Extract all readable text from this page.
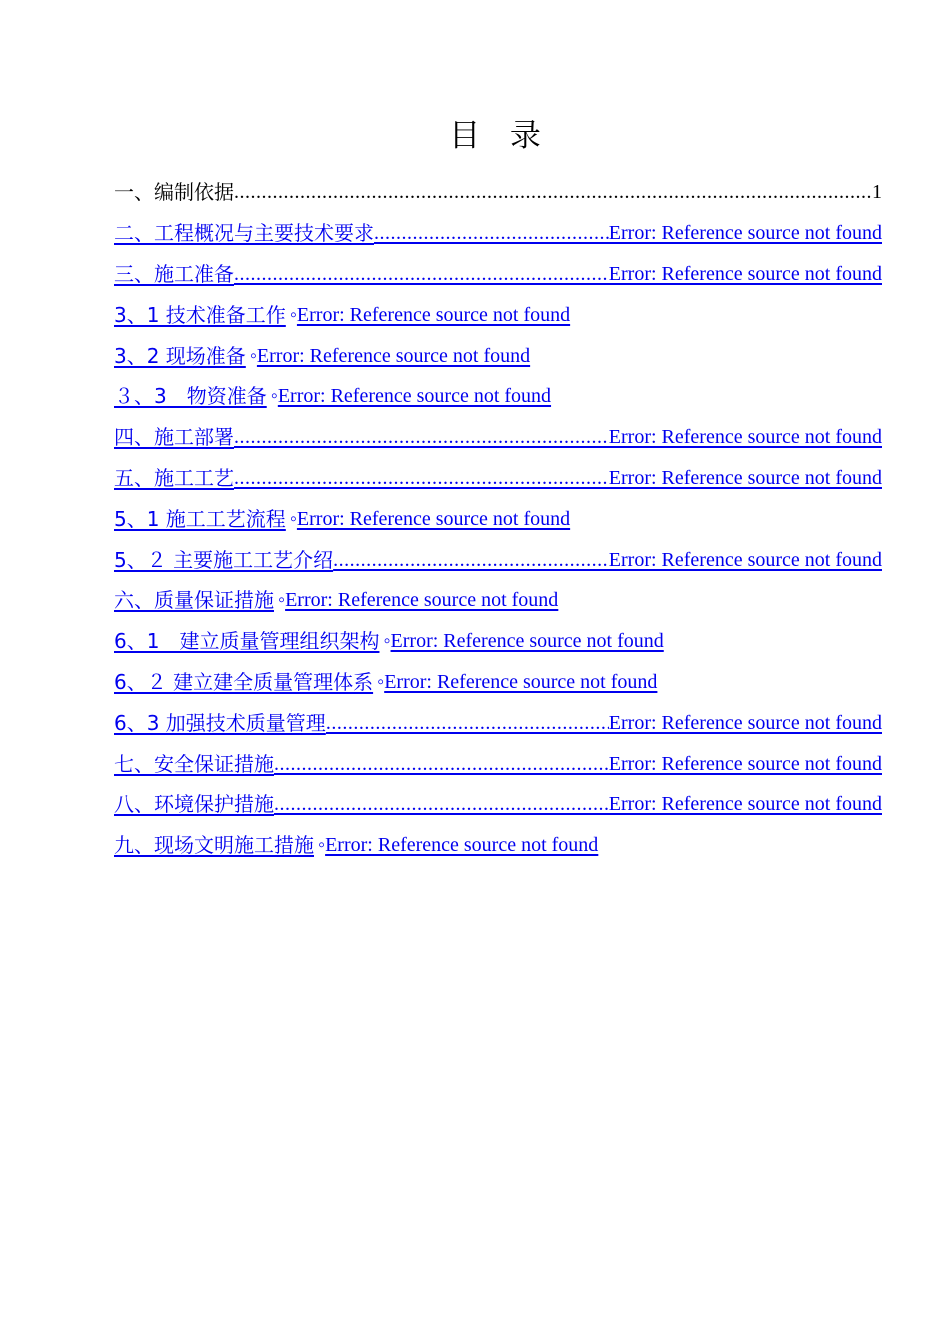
目 录
一、编制依据 .....	1
二、工程概况与主要技术要求 .....	Error: Reference source not found
三、施工准备 .....	Error: Reference source not found
3、1 技术准备工作 ◦ Error: Reference source not found
3、2 现场准备 ◦ Error: Reference source not found
３、3　物资准备 ◦ Error: Reference source not found
四、施工部署 .....	Error: Reference source not found
五、施工工艺 .....	Error: Reference source not found
5、1 施工工艺流程 ◦ Error: Reference source not found
5、２ 主要施工工艺介绍 .....	Error: Reference source not found
六、质量保证措施 ◦ Error: Reference source not found
6、1　建立质量管理组织架构 ◦ Error: Reference source not found
6、２ 建立建全质量管理体系 ◦ Error: Reference source not found
6、3 加强技术质量管理 .....	Error: Reference source not found
七、安全保证措施 .....	Error: Reference source not found
八、环境保护措施 .....	Error: Reference source not found
九、现场文明施工措施 ◦ Error: Reference source not found
